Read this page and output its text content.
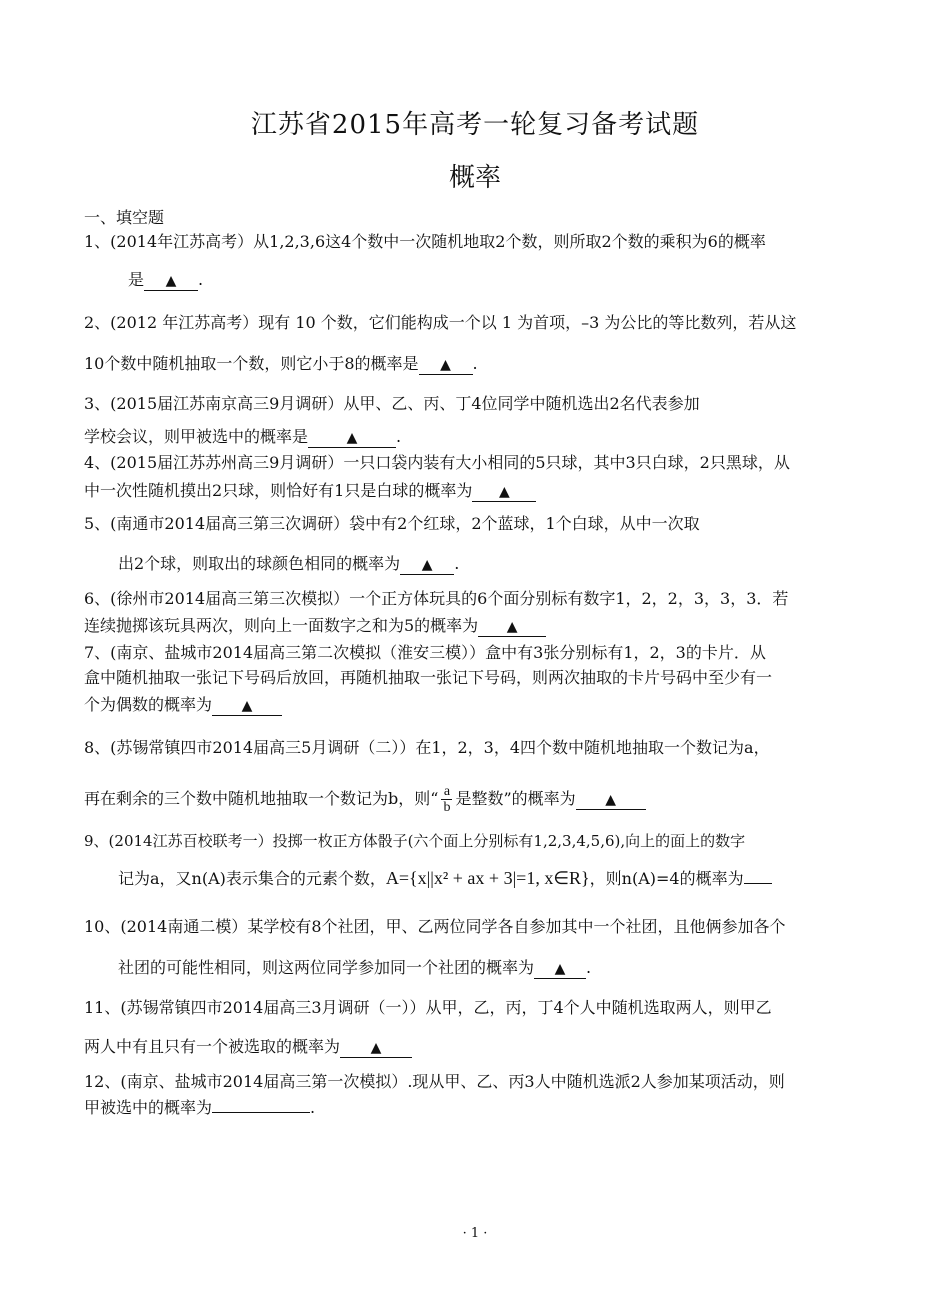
江苏省2015年高考一轮复习备考试题
概率
一、填空题
1、(2014年江苏高考）从1,2,3,6这4个数中一次随机地取2个数，则所取2个数的乘积为6的概率
是 ▲ .
2、(2012 年江苏高考）现有 10 个数，它们能构成一个以 1 为首项，–3 为公比的等比数列，若从这
10个数中随机抽取一个数，则它小于8的概率是 ▲ .
3、(2015届江苏南京高三9月调研）从甲、乙、丙、丁4位同学中随机选出2名代表参加
学校会议，则甲被选中的概率是	▲ .
4、(2015届江苏苏州高三9月调研）一只口袋内装有大小相同的5只球，其中3只白球，2只黑球，从
中一次性随机摸出2只球，则恰好有1只是白球的概率为 ▲
5、(南通市2014届高三第三次调研）袋中有2个红球，2个蓝球，1个白球，从中一次取
出2个球，则取出的球颜色相同的概率为 ▲ .
6、(徐州市2014届高三第三次模拟）一个正方体玩具的6个面分别标有数字1，2，2，3，3，3．若
连续抛掷该玩具两次，则向上一面数字之和为5的概率为 ▲
7、(南京、盐城市2014届高三第二次模拟（淮安三模））盒中有3张分别标有1，2，3的卡片．从
盒中随机抽取一张记下号码后放回，再随机抽取一张记下号码，则两次抽取的卡片号码中至少有一
个为偶数的概率为 ▲
8、(苏锡常镇四市2014届高三5月调研（二））在1，2，3，4四个数中随机地抽取一个数记为a，
再在剩余的三个数中随机地抽取一个数记为b，则“ $\frac{a}{b}$ 是整数”的概率为 ▲
9、(2014江苏百校联考一）投掷一枚正方体骰子(六个面上分别标有1,2,3,4,5,6),向上的面上的数字
记为a，又n(A)表示集合的元素个数，A={x||x² + ax + 3|=1, x∈R}，则n(A)=4的概率为
10、(2014南通二模）某学校有8个社团，甲、乙两位同学各自参加其中一个社团，且他俩参加各个
社团的可能性相同，则这两位同学参加同一个社团的概率为 ▲ .
11、(苏锡常镇四市2014届高三3月调研（一））从甲，乙，丙，丁4个人中随机选取两人，则甲乙
两人中有且只有一个被选取的概率为 ▲
12、(南京、盐城市2014届高三第一次模拟）.现从甲、乙、丙3人中随机选派2人参加某项活动，则
甲被选中的概率为	.
· 1 ·
